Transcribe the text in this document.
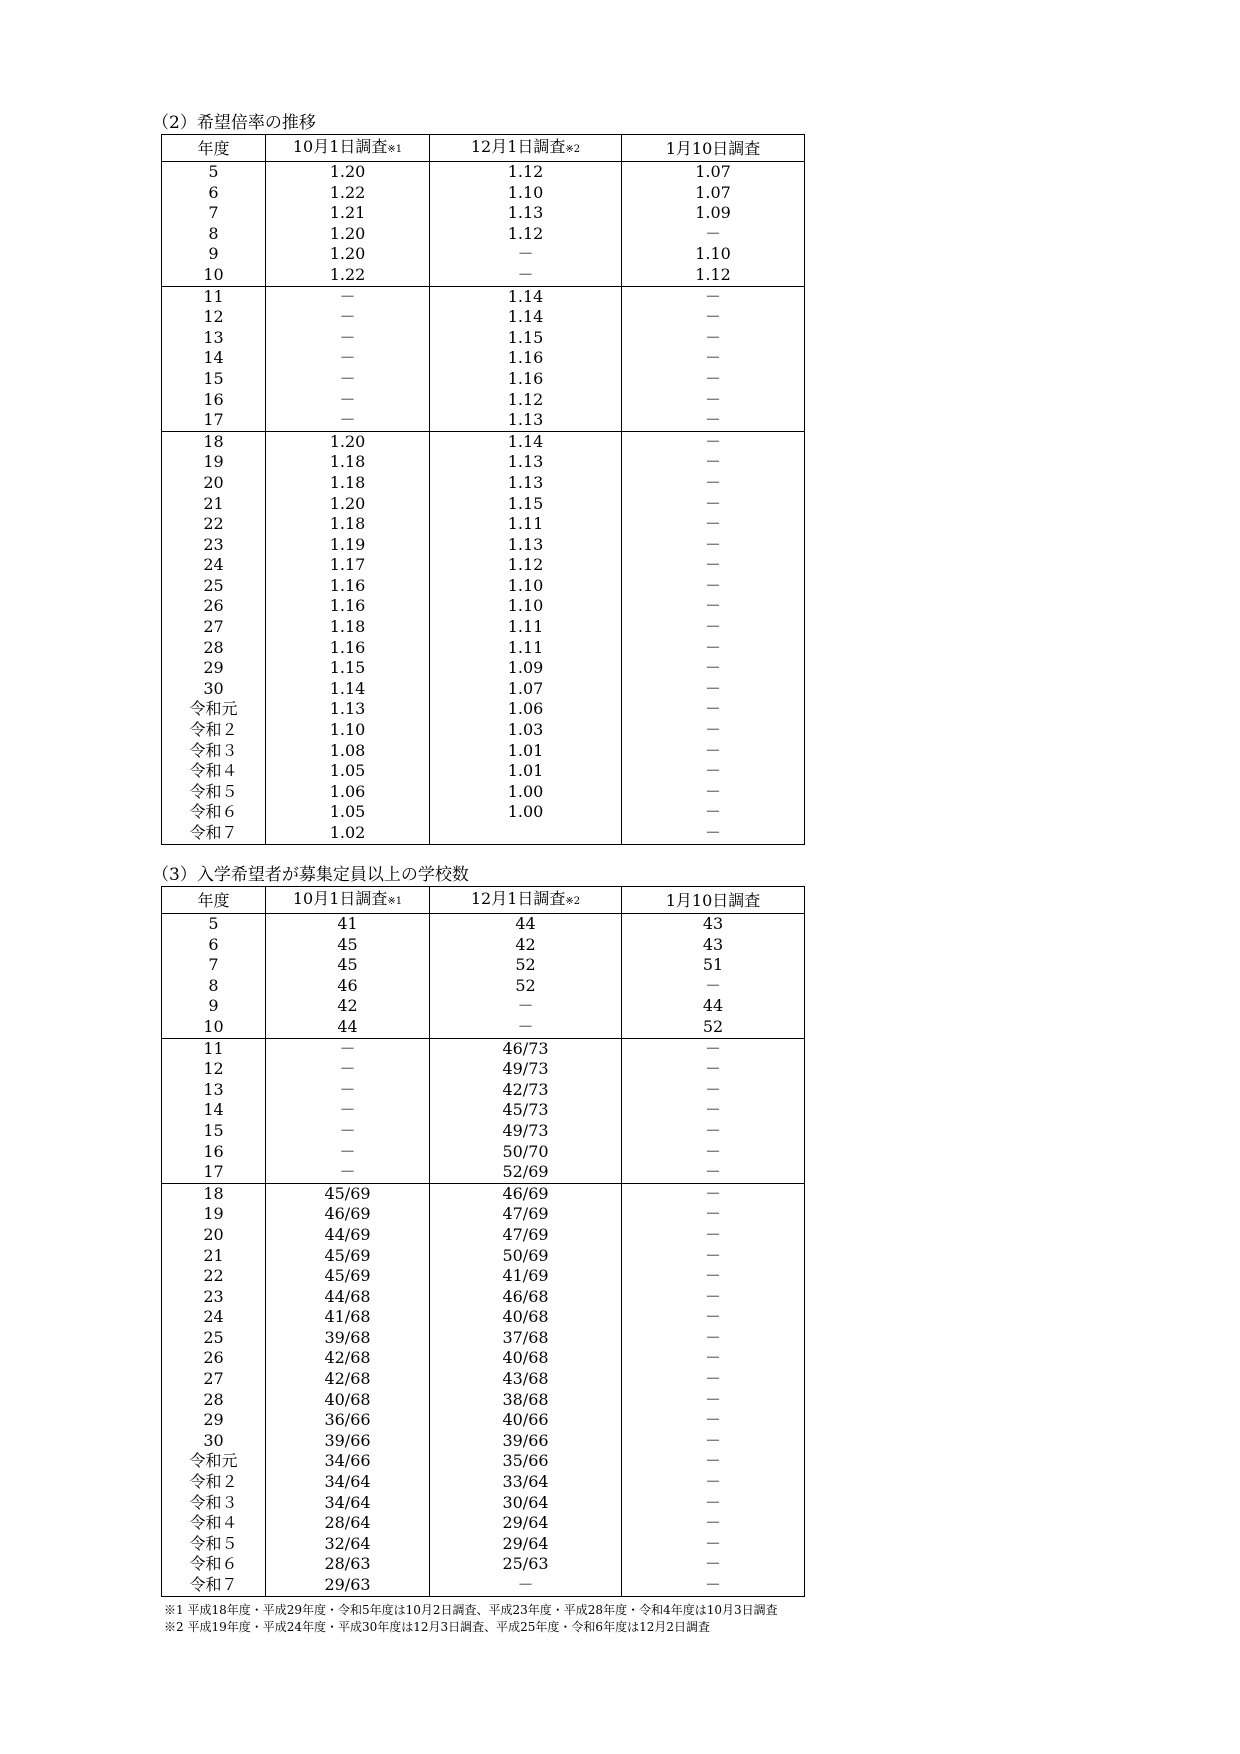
（2）希望倍率の推移
年度	10月1日調査※1	12月1日調査※2	1月10日調査
5	1.20	1.12	1.07
6	1.22	1.10	1.07
7	1.21	1.13	1.09
8	1.20	1.12	－
9	1.20	－	1.10
10	1.22	－	1.12
11	－	1.14	－
12	－	1.14	－
13	－	1.15	－
14	－	1.16	－
15	－	1.16	－
16	－	1.12	－
17	－	1.13	－
18	1.20	1.14	－
19	1.18	1.13	－
20	1.18	1.13	－
21	1.20	1.15	－
22	1.18	1.11	－
23	1.19	1.13	－
24	1.17	1.12	－
25	1.16	1.10	－
26	1.16	1.10	－
27	1.18	1.11	－
28	1.16	1.11	－
29	1.15	1.09	－
30	1.14	1.07	－
令和元	1.13	1.06	－
令和２	1.10	1.03	－
令和３	1.08	1.01	－
令和４	1.05	1.01	－
令和５	1.06	1.00	－
令和６	1.05	1.00	－
令和７	1.02		－
（3）入学希望者が募集定員以上の学校数
年度	10月1日調査※1	12月1日調査※2	1月10日調査
5	41	44	43
6	45	42	43
7	45	52	51
8	46	52	－
9	42	－	44
10	44	－	52
11	－	46/73	－
12	－	49/73	－
13	－	42/73	－
14	－	45/73	－
15	－	49/73	－
16	－	50/70	－
17	－	52/69	－
18	45/69	46/69	－
19	46/69	47/69	－
20	44/69	47/69	－
21	45/69	50/69	－
22	45/69	41/69	－
23	44/68	46/68	－
24	41/68	40/68	－
25	39/68	37/68	－
26	42/68	40/68	－
27	42/68	43/68	－
28	40/68	38/68	－
29	36/66	40/66	－
30	39/66	39/66	－
令和元	34/66	35/66	－
令和２	34/64	33/64	－
令和３	34/64	30/64	－
令和４	28/64	29/64	－
令和５	32/64	29/64	－
令和６	28/63	25/63	－
令和７	29/63	－	－
※1 平成18年度・平成29年度・令和5年度は10月2日調査、平成23年度・平成28年度・令和4年度は10月3日調査
※2 平成19年度・平成24年度・平成30年度は12月3日調査、平成25年度・令和6年度は12月2日調査
